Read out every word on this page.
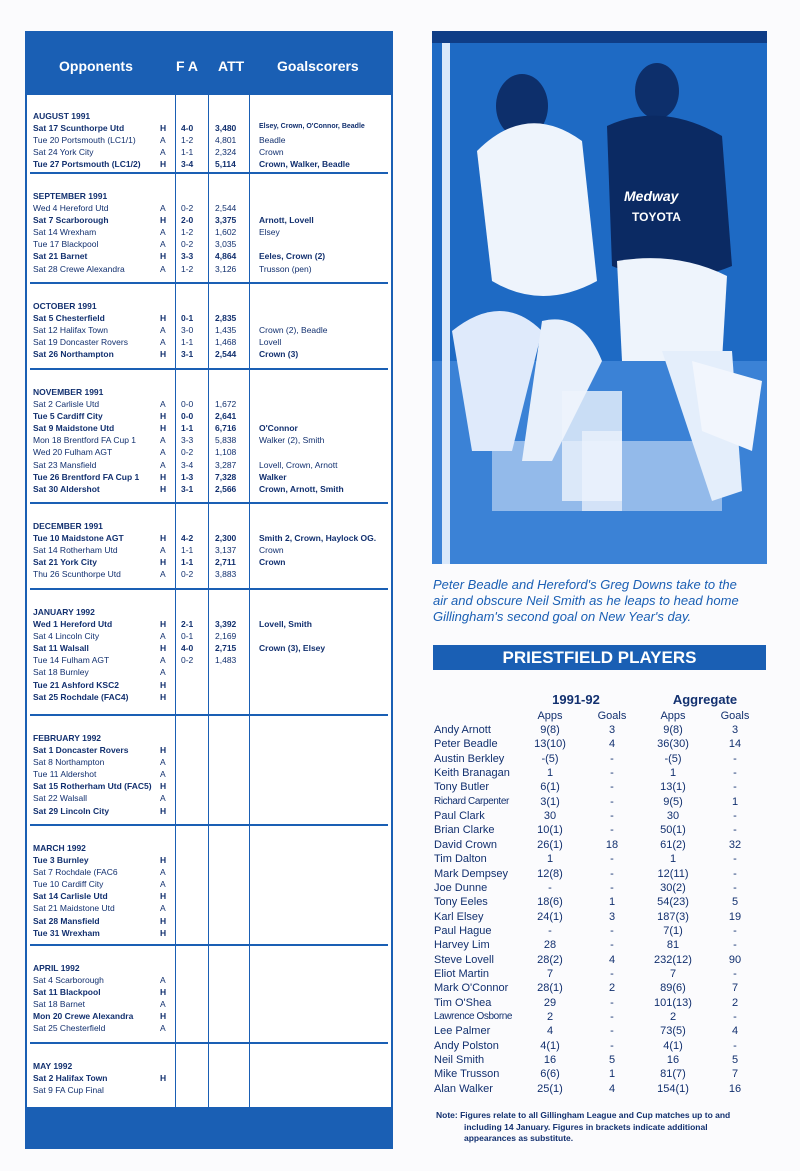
Opponents	F A ATT Goalscorers
AUGUST 1991
Sat 17 Scunthorpe Utd	H 4-0	3,480	Elsey, Crown, O'Connor, Beadle
Tue 20 Portsmouth (LC1/1)	A 1-2	4,801	Beadle
Sat 24 York City	A 1-1	2,324	Crown
Tue 27 Portsmouth (LC1/2) H 3-4	5,114	Crown, Walker, Beadle
SEPTEMBER 1991
Wed 4 Hereford Utd	A 0-2	2,544
Sat 7 Scarborough	H 2-0	3,375	Arnott, Lovell
Sat 14 Wrexham	A 1-2	1,602	Elsey
Tue 17 Blackpool	A 0-2	3,035
Sat 21 Barnet	H 3-3	4,864	Eeles, Crown (2)
Sat 28 Crewe Alexandra	A 1-2	3,126	Trusson (pen)
OCTOBER 1991
Sat 5 Chesterfield	H 0-1	2,835
Sat 12 Halifax Town	A 3-0	1,435	Crown (2), Beadle
Sat 19 Doncaster Rovers	A 1-1	1,468	Lovell
Sat 26 Northampton	H 3-1	2,544	Crown (3)
NOVEMBER 1991
Sat 2 Carlisle Utd	A 0-0	1,672
Tue 5 Cardiff City	H 0-0	2,641
Sat 9 Maidstone Utd	H 1-1	6,716	O'Connor
Mon 18 Brentford FA Cup 1	A 3-3	5,838	Walker (2), Smith
Wed 20 Fulham AGT	A 0-2	1,108
Sat 23 Mansfield	A 3-4	3,287	Lovell, Crown, Arnott
Tue 26 Brentford FA Cup 1 H 1-3	7,328	Walker
Sat 30 Aldershot	H 3-1	2,566	Crown, Arnott, Smith
DECEMBER 1991
Tue 10 Maidstone AGT	H 4-2	2,300	Smith 2, Crown, Haylock OG.
Sat 14 Rotherham Utd	A 1-1	3,137	Crown
Sat 21 York City	H 1-1	2,711	Crown
Thu 26 Scunthorpe Utd	A 0-2	3,883
JANUARY 1992
Wed 1 Hereford Utd	H 2-1	3,392	Lovell, Smith
Sat 4 Lincoln City	A 0-1	2,169
Sat 11 Walsall	H 4-0	2,715	Crown (3), Elsey
Tue 14 Fulham AGT	A 0-2	1,483
Sat 18 Burnley	A
Tue 21 Ashford KSC2	H
Sat 25 Rochdale (FAC4)	H
FEBRUARY 1992
Sat 1 Doncaster Rovers	H
Sat 8 Northampton	A
Tue 11 Aldershot	A
Sat 15 Rotherham Utd (FAC5) H
Sat 22 Walsall	A
Sat 29 Lincoln City	H
MARCH 1992
Tue 3 Burnley	H
Sat 7 Rochdale (FAC6	A
Tue 10 Cardiff City	A
Sat 14 Carlisle Utd	H
Sat 21 Maidstone Utd	A
Sat 28 Mansfield	H
Tue 31 Wrexham	H
APRIL 1992
Sat 4 Scarborough	A
Sat 11 Blackpool	H
Sat 18 Barnet	A
Mon 20 Crewe Alexandra	H
Sat 25 Chesterfield	A
MAY 1992
Sat 2 Halifax Town	H
Sat 9 FA Cup Final
Medway
TOYOTA
Peter Beadle and Hereford's Greg Downs take to the
air and obscure Neil Smith as he leaps to head home
Gillingham's second goal on New Year's day.
PRIESTFIELD PLAYERS
1991-92	Aggregate
Apps	Goals	Apps	Goals
Andy Arnott	9(8)	3	9(8)	3
Peter Beadle	13(10)	4	36(30)	14
Austin Berkley	-(5)	-	-(5)	-
Keith Branagan	1	-	1	-
Tony Butler	6(1)	-	13(1)	-
Richard Carpenter	3(1)	-	9(5)	1
Paul Clark	30	-	30	-
Brian Clarke	10(1)	-	50(1)	-
David Crown	26(1)	18	61(2)	32
Tim Dalton	1	-	1	-
Mark Dempsey	12(8)	-	12(11)	-
Joe Dunne	-	-	30(2)	-
Tony Eeles	18(6)	1	54(23)	5
Karl Elsey	24(1)	3	187(3)	19
Paul Hague	-	-	7(1)	-
Harvey Lim	28	-	81	-
Steve Lovell	28(2)	4	232(12)	90
Eliot Martin	7	-	7	-
Mark O'Connor	28(1)	2	89(6)	7
Tim O'Shea	29	-	101(13)	2
Lawrence Osborne	2	-	2	-
Lee Palmer	4	-	73(5)	4
Andy Polston	4(1)	-	4(1)	-
Neil Smith	16	5	16	5
Mike Trusson	6(6)	1	81(7)	7
Alan Walker	25(1)	4	154(1)	16
Note: Figures relate to all Gillingham League and Cup matches up to and
including 14 January. Figures in brackets indicate additional
appearances as substitute.
